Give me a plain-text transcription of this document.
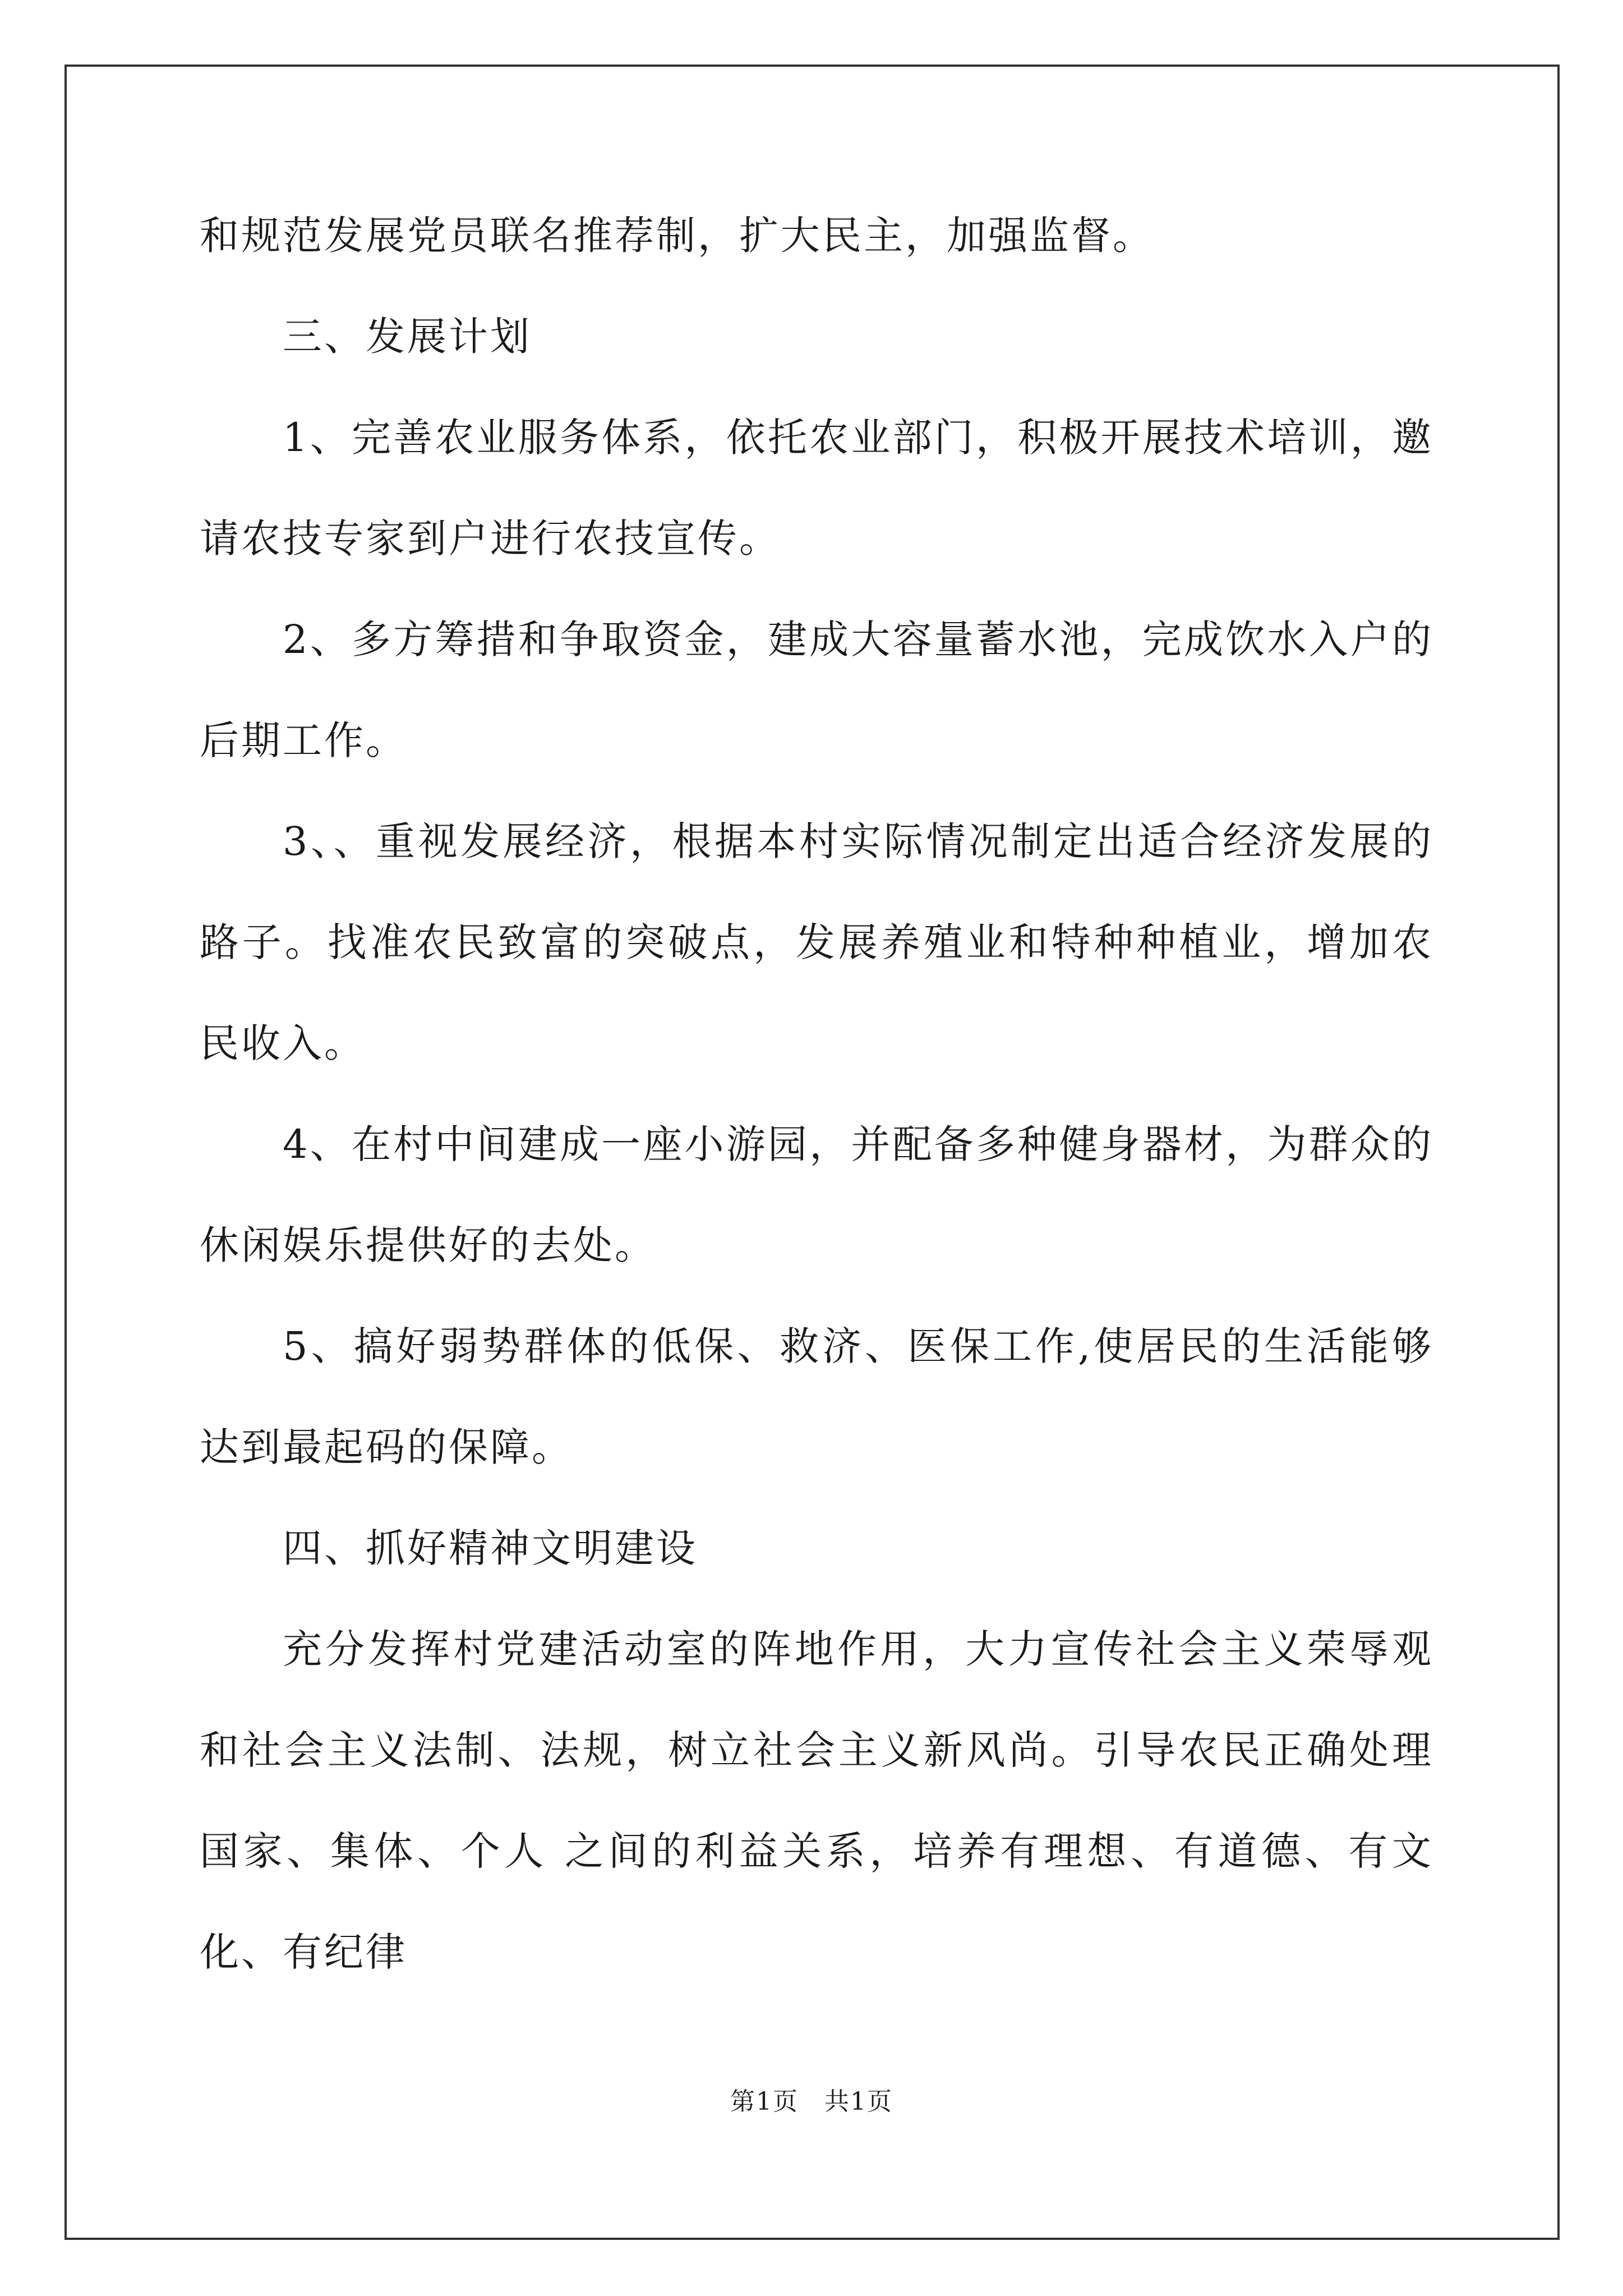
和规范发展党员联名推荐制，扩大民主，加强监督。

三、发展计划

1、完善农业服务体系，依托农业部门，积极开展技术培训，邀请农技专家到户进行农技宣传。

2、多方筹措和争取资金，建成大容量蓄水池，完成饮水入户的后期工作。

3、、重视发展经济，根据本村实际情况制定出适合经济发展的路子。找准农民致富的突破点，发展养殖业和特种种植业，增加农民收入。

4、在村中间建成一座小游园，并配备多种健身器材，为群众的休闲娱乐提供好的去处。

5、搞好弱势群体的低保、救济、医保工作,使居民的生活能够达到最起码的保障。

四、抓好精神文明建设

充分发挥村党建活动室的阵地作用，大力宣传社会主义荣辱观和社会主义法制、法规，树立社会主义新风尚。引导农民正确处理国家、集体、个人 之间的利益关系，培养有理想、有道德、有文化、有纪律

第1页　共1页
